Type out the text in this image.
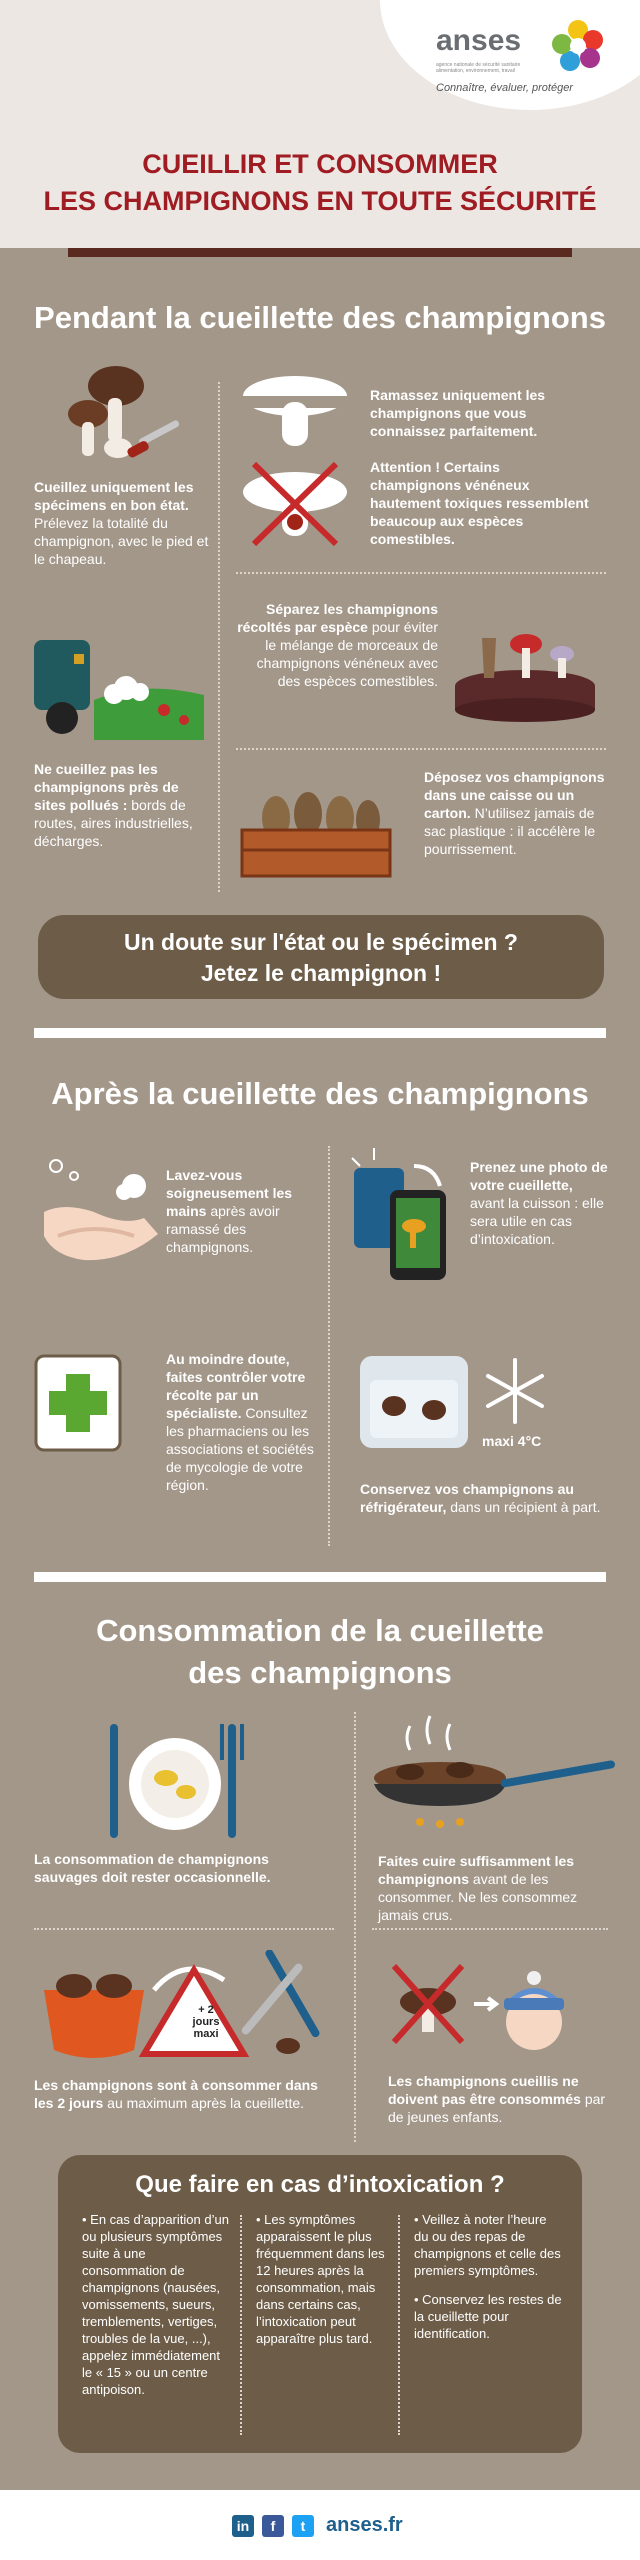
anses
agence nationale de sécurité sanitaire alimentation, environnement, travail
Connaître, évaluer, protéger
CUEILLIR ET CONSOMMER
LES CHAMPIGNONS EN TOUTE SÉCURITÉ
Pendant la cueillette des champignons
Cueillez uniquement les spécimens en bon état. Prélevez la totalité du champignon, avec le pied et le chapeau.
Ramassez uniquement les champignons que vous connaissez parfaitement.
Attention ! Certains champignons vénéneux hautement toxiques ressemblent beaucoup aux espèces comestibles.
Ne cueillez pas les champignons près de sites pollués : bords de routes, aires industrielles, décharges.
Séparez les champignons récoltés par espèce pour éviter le mélange de morceaux de champignons vénéneux avec des espèces comestibles.
Déposez vos champignons dans une caisse ou un carton. N’utilisez jamais de sac plastique : il accélère le pourrissement.
Un doute sur l'état ou le spécimen ?
Jetez le champignon !
Après la cueillette des champignons
Lavez-vous soigneusement les mains après avoir ramassé des champignons.
Prenez une photo de votre cueillette, avant la cuisson : elle sera utile en cas d’intoxication.
Au moindre doute, faites contrôler votre récolte par un spécialiste. Consultez les pharmaciens ou les associations et sociétés de mycologie de votre région.
maxi 4°C
Conservez vos champignons au réfrigérateur, dans un récipient à part.
Consommation de la cueillette
des champignons
La consommation de champignons sauvages doit rester occasionnelle.
Faites cuire suffisamment les champignons avant de les consommer. Ne les consommez jamais crus.
+ 2
jours
maxi
Les champignons sont à consommer dans les 2 jours au maximum après la cueillette.
Les champignons cueillis ne doivent pas être consommés par de jeunes enfants.
Que faire en cas d’intoxication ?
• En cas d’apparition d’un ou plusieurs symptômes suite à une consommation de champignons (nausées, vomissements, sueurs, tremblements, vertiges, troubles de la vue, ...), appelez immédiatement le « 15 » ou un centre antipoison.
• Les symptômes apparaissent le plus fréquemment dans les 12 heures après la consommation, mais dans certains cas, l’intoxication peut apparaître plus tard.
• Veillez à noter l’heure du ou des repas de champignons et celle des premiers symptômes.
• Conservez les restes de la cueillette pour identification.
in	f	t	anses.fr
